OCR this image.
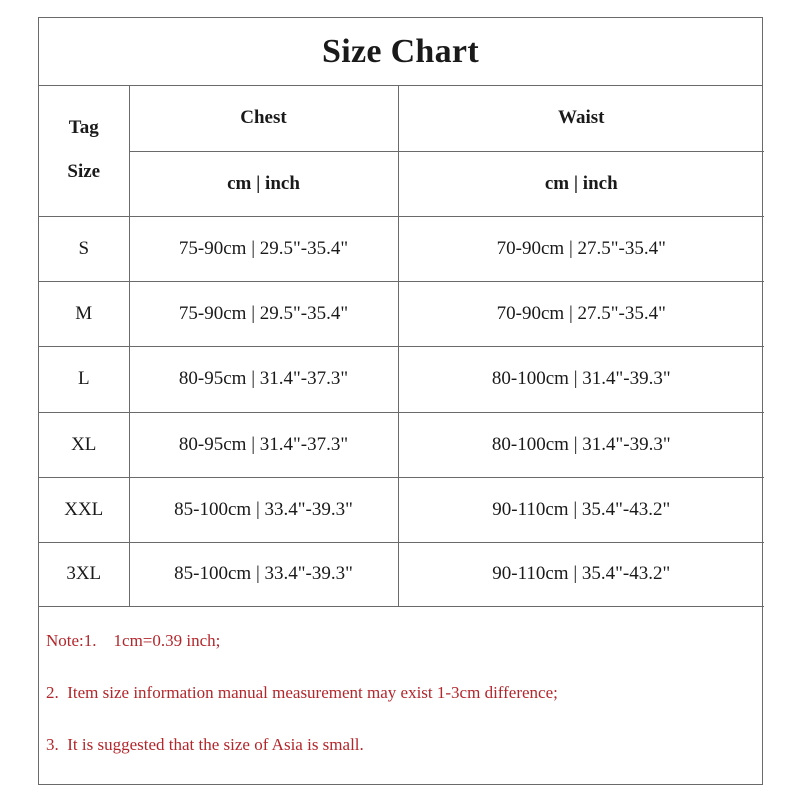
Size Chart
Tag
Size	Chest	Waist
	cm | inch	cm | inch
S	75-90cm | 29.5"-35.4"	70-90cm | 27.5"-35.4"
M	75-90cm | 29.5"-35.4"	70-90cm | 27.5"-35.4"
L	80-95cm | 31.4"-37.3"	80-100cm | 31.4"-39.3"
XL	80-95cm | 31.4"-37.3"	80-100cm | 31.4"-39.3"
XXL	85-100cm | 33.4"-39.3"	90-110cm | 35.4"-43.2"
3XL	85-100cm | 33.4"-39.3"	90-110cm | 35.4"-43.2"
Note:1.    1cm=0.39 inch;
2.  Item size information manual measurement may exist 1-3cm difference;
3.  It is suggested that the size of Asia is small.
